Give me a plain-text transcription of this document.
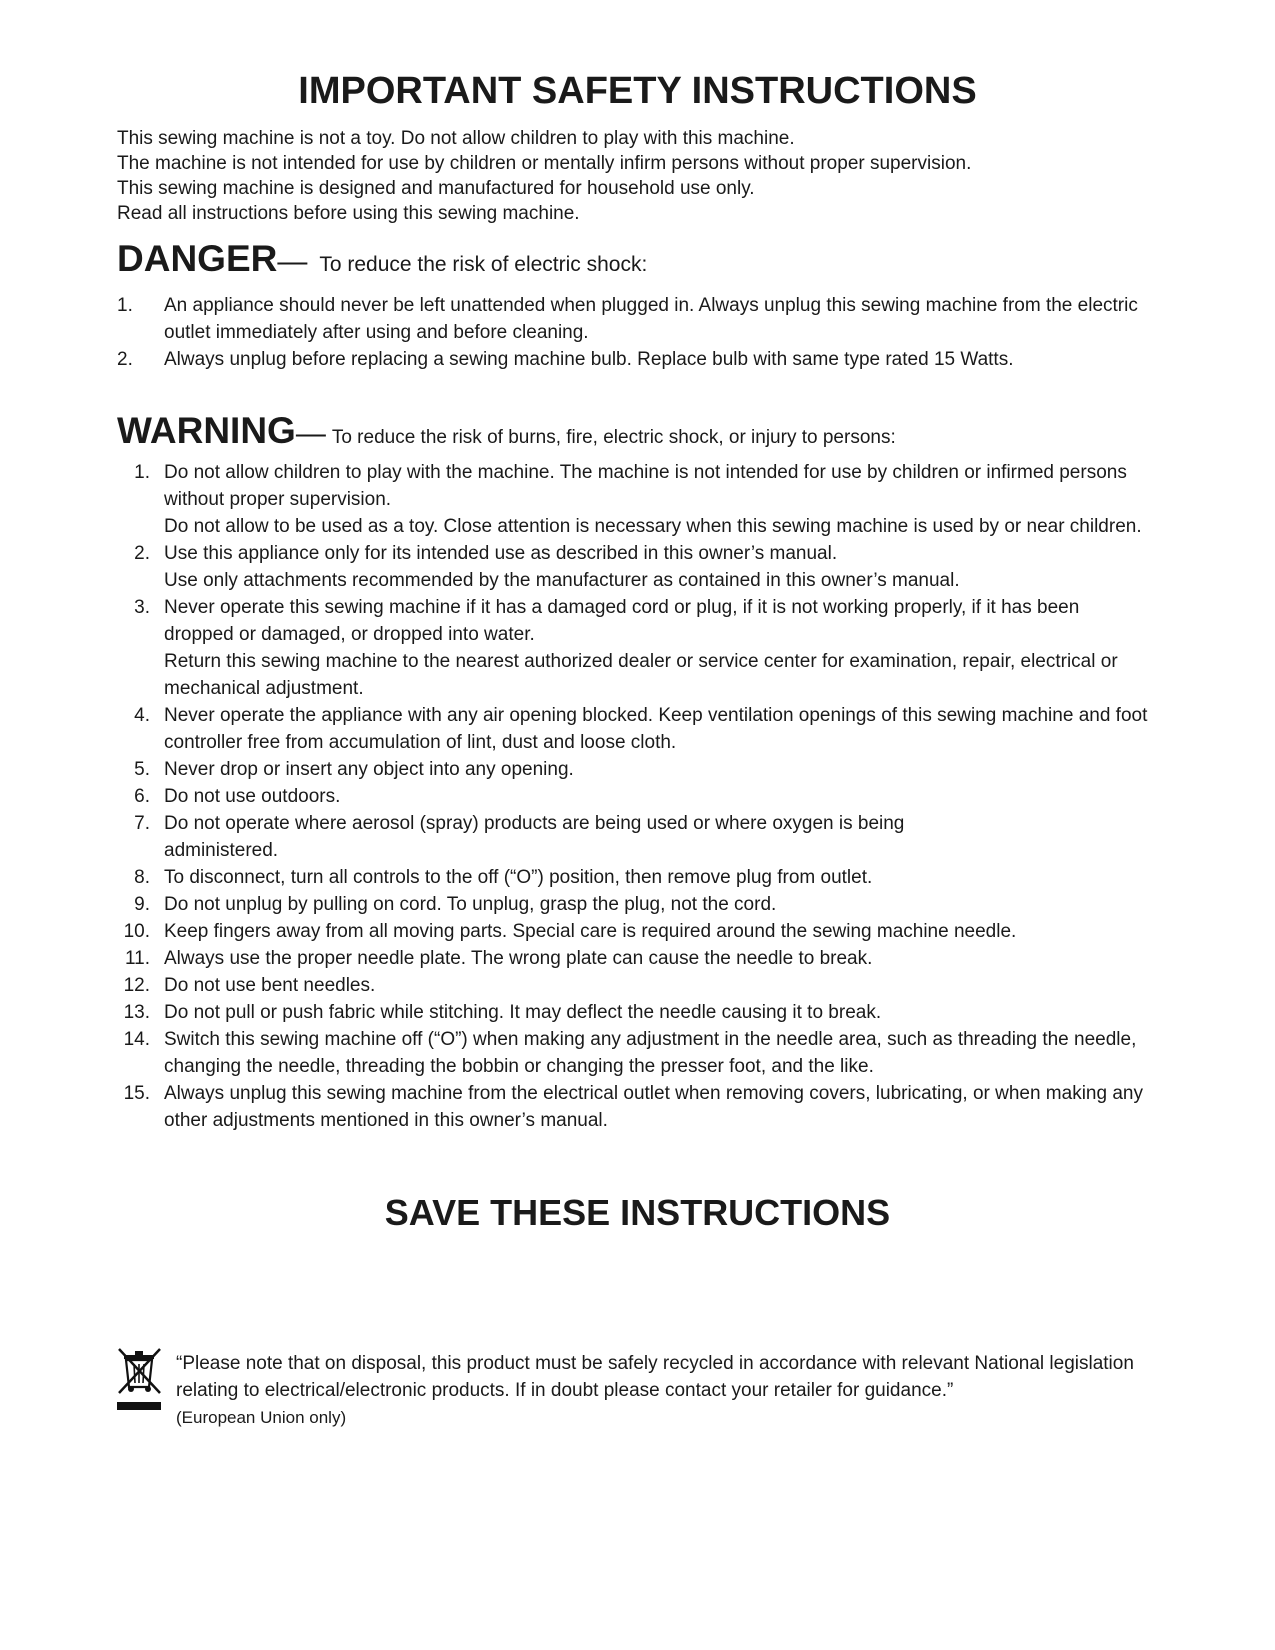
IMPORTANT SAFETY INSTRUCTIONS
This sewing machine is not a toy. Do not allow children to play with this machine.
The machine is not intended for use by children or mentally infirm persons without proper supervision.
This sewing machine is designed and manufactured for household use only.
Read all instructions before using this sewing machine.
DANGER— To reduce the risk of electric shock:
1.	An appliance should never be left unattended when plugged in. Always unplug this sewing machine from the electric outlet immediately after using and before cleaning.
2.	Always unplug before replacing a sewing machine bulb. Replace bulb with same type rated 15 Watts.
WARNING— To reduce the risk of burns, fire, electric shock, or injury to persons:
1. Do not allow children to play with the machine. The machine is not intended for use by children or infirmed persons without proper supervision.
Do not allow to be used as a toy. Close attention is necessary when this sewing machine is used by or near children.
2. Use this appliance only for its intended use as described in this owner’s manual.
Use only attachments recommended by the manufacturer as contained in this owner’s manual.
3. Never operate this sewing machine if it has a damaged cord or plug, if it is not working properly, if it has been dropped or damaged, or dropped into water.
Return this sewing machine to the nearest authorized dealer or service center for examination, repair, electrical or mechanical adjustment.
4. Never operate the appliance with any air opening blocked. Keep ventilation openings of this sewing machine and foot controller free from accumulation of lint, dust and loose cloth.
5. Never drop or insert any object into any opening.
6. Do not use outdoors.
7. Do not operate where aerosol (spray) products are being used or where oxygen is being administered.
8. To disconnect, turn all controls to the off (“O”) position, then remove plug from outlet.
9. Do not unplug by pulling on cord. To unplug, grasp the plug, not the cord.
10. Keep fingers away from all moving parts. Special care is required around the sewing machine needle.
11. Always use the proper needle plate. The wrong plate can cause the needle to break.
12. Do not use bent needles.
13. Do not pull or push fabric while stitching. It may deflect the needle causing it to break.
14. Switch this sewing machine off (“O”) when making any adjustment in the needle area, such as threading the needle, changing the needle, threading the bobbin or changing the presser foot, and the like.
15. Always unplug this sewing machine from the electrical outlet when removing covers, lubricating, or when making any other adjustments mentioned in this owner’s manual.
SAVE THESE INSTRUCTIONS
“Please note that on disposal, this product must be safely recycled in accordance with relevant National legislation relating to electrical/electronic products. If in doubt please contact your retailer for guidance.”
(European Union only)
